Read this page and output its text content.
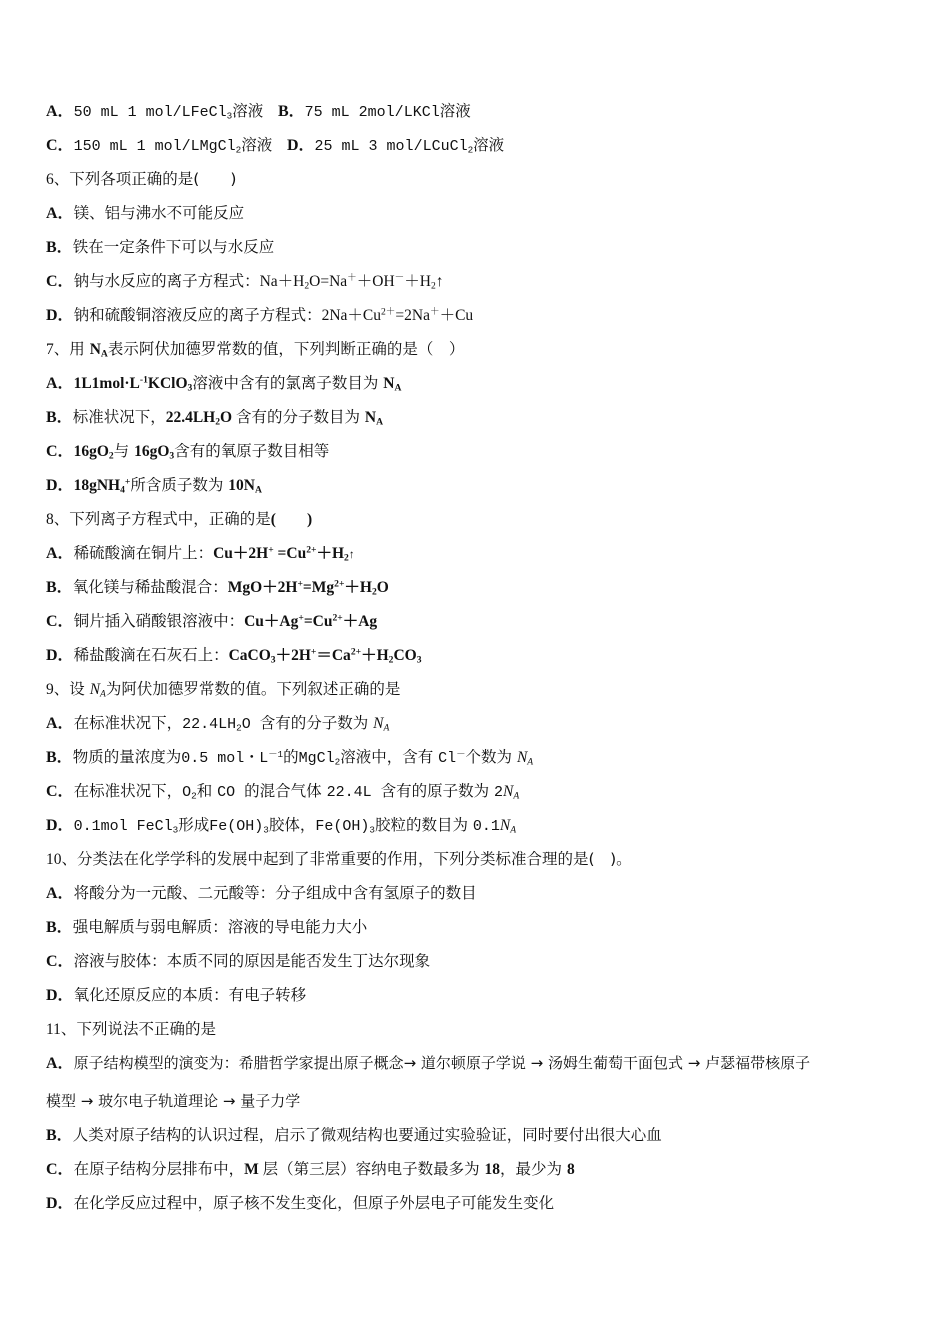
A．50 mL 1 mol/LFeCl$_3$溶液 B．75 mL 2mol/LKCl溶液
C．150 mL 1 mol/LMgCl$_2$溶液 D．25 mL 3 mol/LCuCl$_2$溶液
6、下列各项正确的是(　　)
A．镁、铝与沸水不可能反应
B．铁在一定条件下可以与水反应
C．钠与水反应的离子方程式：$Na+H_2O=Na^++OH^-+H_2↑$
D．钠和硫酸铜溶液反应的离子方程式：$2Na+Cu^{2+}=2Na^++Cu$
7、用 $N_A$表示阿伏加德罗常数的值，下列判断正确的是（　）
A．$1L1mol\cdot L^{-1}KClO_3$溶液中含有的氯离子数目为 $N_A$
B．标准状况下，$22.4LH_2O$ 含有的分子数目为 $N_A$
C．$16gO_2$与 $16gO_3$含有的氧原子数目相等
D．18gNH$_4$+所含质子数为 $10N_A$
8、下列离子方程式中，正确的是(　　)
A．稀硫酸滴在铜片上：$Cu+2H^+ =Cu^{2+}+H_2↑$
B．氧化镁与稀盐酸混合：$MgO+2H^+=Mg^{2+}+H_2O$
C．铜片插入硝酸银溶液中：$Cu+Ag^+=Cu^{2+}+Ag$
D．稀盐酸滴在石灰石上：$CaCO_3+2H^+=Ca^{2+}+H_2CO_3$
9、设 $N_A$为阿伏加德罗常数的值。下列叙述正确的是
A．在标准状况下，$22.4LH_2O$ 含有的分子数为 $N_A$
B．物质的量浓度为0.5 mol・$L^{-1}$的MgCl$_2$溶液中，含有 Cl－个数为 $N_A$
C．在标准状况下，$O_2$和 CO 的混合气体 22.4L 含有的原子数为 $2N_A$
D．0.1mol FeCl$_3$形成$Fe(OH)_3$胶体，$Fe(OH)_3$胶粒的数目为 $0.1N_A$
10、分类法在化学学科的发展中起到了非常重要的作用，下列分类标准合理的是(　)。
A．将酸分为一元酸、二元酸等：分子组成中含有氢原子的数目
B．强电解质与弱电解质：溶液的导电能力大小
C．溶液与胶体：本质不同的原因是能否发生丁达尔现象
D．氧化还原反应的本质：有电子转移
11、下列说法不正确的是
A．原子结构模型的演变为：希腊哲学家提出原子概念→ 道尔顿原子学说 → 汤姆生葡萄干面包式 → 卢瑟福带核原子
模型 → 玻尔电子轨道理论 → 量子力学
B．人类对原子结构的认识过程，启示了微观结构也要通过实验验证，同时要付出很大心血
C．在原子结构分层排布中，M 层（第三层）容纳电子数最多为 18，最少为 8
D．在化学反应过程中，原子核不发生变化，但原子外层电子可能发生变化
